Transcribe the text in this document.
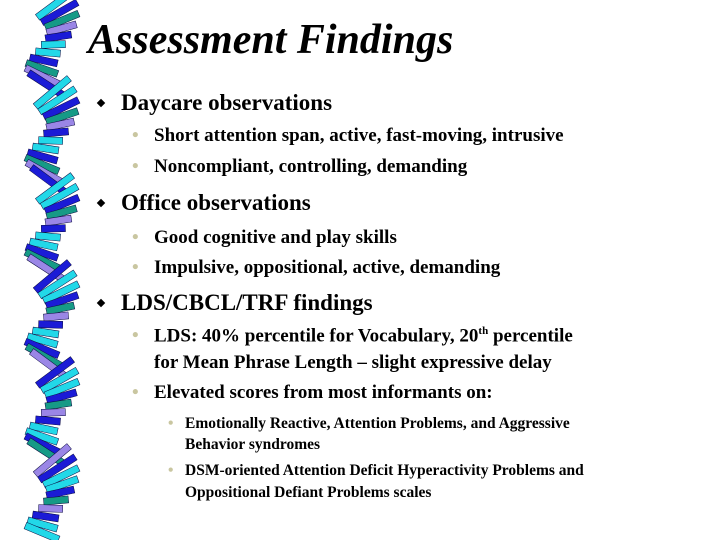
Assessment Findings
Daycare observations
• Short attention span, active, fast-moving, intrusive
• Noncompliant, controlling, demanding
Office observations
• Good cognitive and play skills
• Impulsive, oppositional, active, demanding
LDS/CBCL/TRF findings
• LDS: 40% percentile for Vocabulary, 20th percentile
for Mean Phrase Length – slight expressive delay
• Elevated scores from most informants on:
• Emotionally Reactive, Attention Problems, and Aggressive
Behavior syndromes
• DSM-oriented Attention Deficit Hyperactivity Problems and
Oppositional Defiant Problems scales
